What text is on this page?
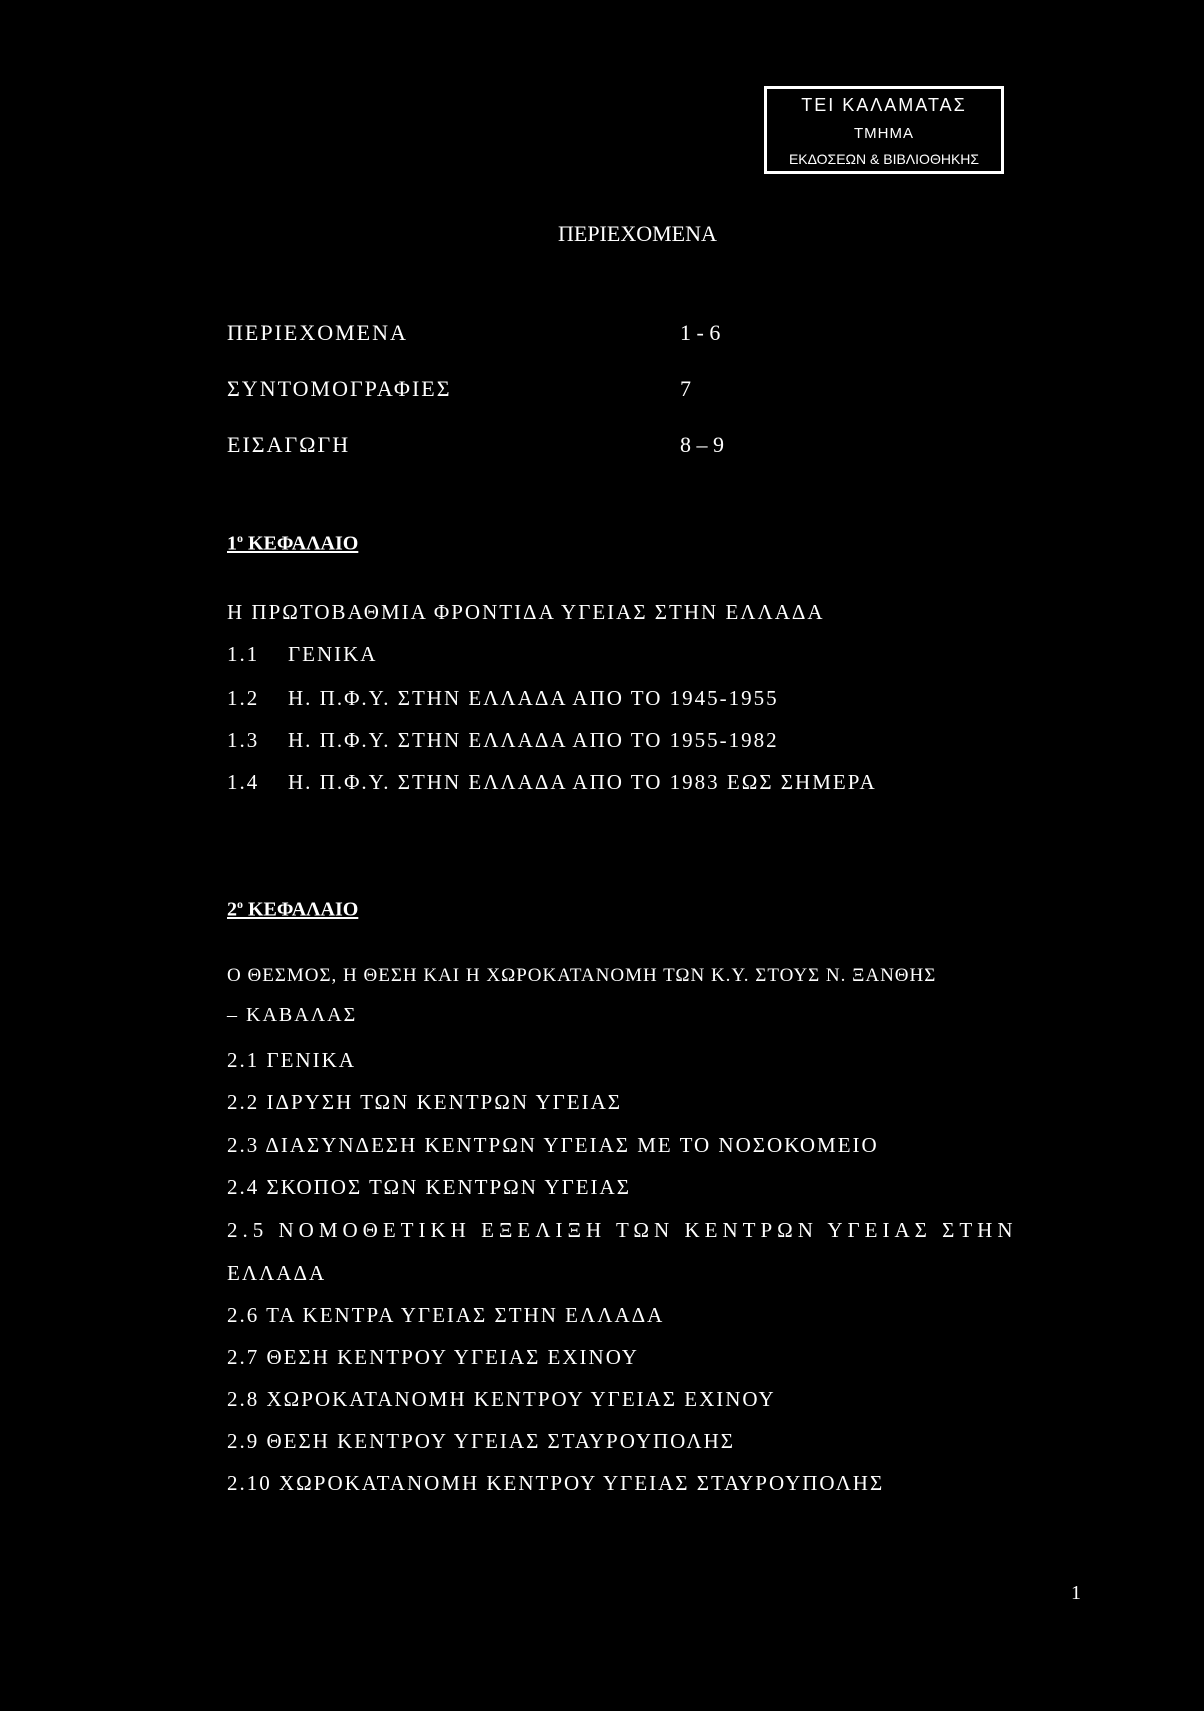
ΤΕΙ ΚΑΛΑΜΑΤΑΣ
ΤΜΗΜΑ
ΕΚΔΟΣΕΩΝ & ΒΙΒΛΙΟΘΗΚΗΣ
ΠΕΡΙΕΧΟΜΕΝΑ
ΠΕΡΙΕΧΟΜΕΝΑ	1 - 6
ΣΥΝΤΟΜΟΓΡΑΦΙΕΣ	7
ΕΙΣΑΓΩΓΗ	8 – 9
$1^o$ ΚΕΦΑΛΑΙΟ
Η ΠΡΩΤΟΒΑΘΜΙΑ ΦΡΟΝΤΙΔΑ ΥΓΕΙΑΣ ΣΤΗΝ ΕΛΛΑΔΑ
1.1 ΓΕΝΙΚΑ
1.2 Η. Π.Φ.Υ. ΣΤΗΝ ΕΛΛΑΔΑ ΑΠΟ ΤΟ 1945-1955
1.3 Η. Π.Φ.Υ. ΣΤΗΝ ΕΛΛΑΔΑ ΑΠΟ ΤΟ 1955-1982
1.4 Η. Π.Φ.Υ. ΣΤΗΝ ΕΛΛΑΔΑ ΑΠΟ ΤΟ 1983 ΕΩΣ ΣΗΜΕΡΑ
$2^o$ ΚΕΦΑΛΑΙΟ
Ο ΘΕΣΜΟΣ, Η ΘΕΣΗ ΚΑΙ Η ΧΩΡΟΚΑΤΑΝΟΜΗ ΤΩΝ Κ.Υ. ΣΤΟΥΣ Ν. ΞΑΝΘΗΣ
– ΚΑΒΑΛΑΣ
2.1 ΓΕΝΙΚΑ
2.2 ΙΔΡΥΣΗ ΤΩΝ ΚΕΝΤΡΩΝ ΥΓΕΙΑΣ
2.3 ΔΙΑΣΥΝΔΕΣΗ ΚΕΝΤΡΩΝ ΥΓΕΙΑΣ ΜΕ ΤΟ ΝΟΣΟΚΟΜΕΙΟ
2.4 ΣΚΟΠΟΣ ΤΩΝ ΚΕΝΤΡΩΝ ΥΓΕΙΑΣ
2.5 ΝΟΜΟΘΕΤΙΚΗ ΕΞΕΛΙΞΗ ΤΩΝ ΚΕΝΤΡΩΝ ΥΓΕΙΑΣ ΣΤΗΝ
ΕΛΛΑΔΑ
2.6 ΤΑ ΚΕΝΤΡΑ ΥΓΕΙΑΣ ΣΤΗΝ ΕΛΛΑΔΑ
2.7 ΘΕΣΗ ΚΕΝΤΡΟΥ ΥΓΕΙΑΣ ΕΧΙΝΟΥ
2.8 ΧΩΡΟΚΑΤΑΝΟΜΗ ΚΕΝΤΡΟΥ ΥΓΕΙΑΣ ΕΧΙΝΟΥ
2.9 ΘΕΣΗ ΚΕΝΤΡΟΥ ΥΓΕΙΑΣ ΣΤΑΥΡΟΥΠΟΛΗΣ
2.10 ΧΩΡΟΚΑΤΑΝΟΜΗ ΚΕΝΤΡΟΥ ΥΓΕΙΑΣ ΣΤΑΥΡΟΥΠΟΛΗΣ
1
